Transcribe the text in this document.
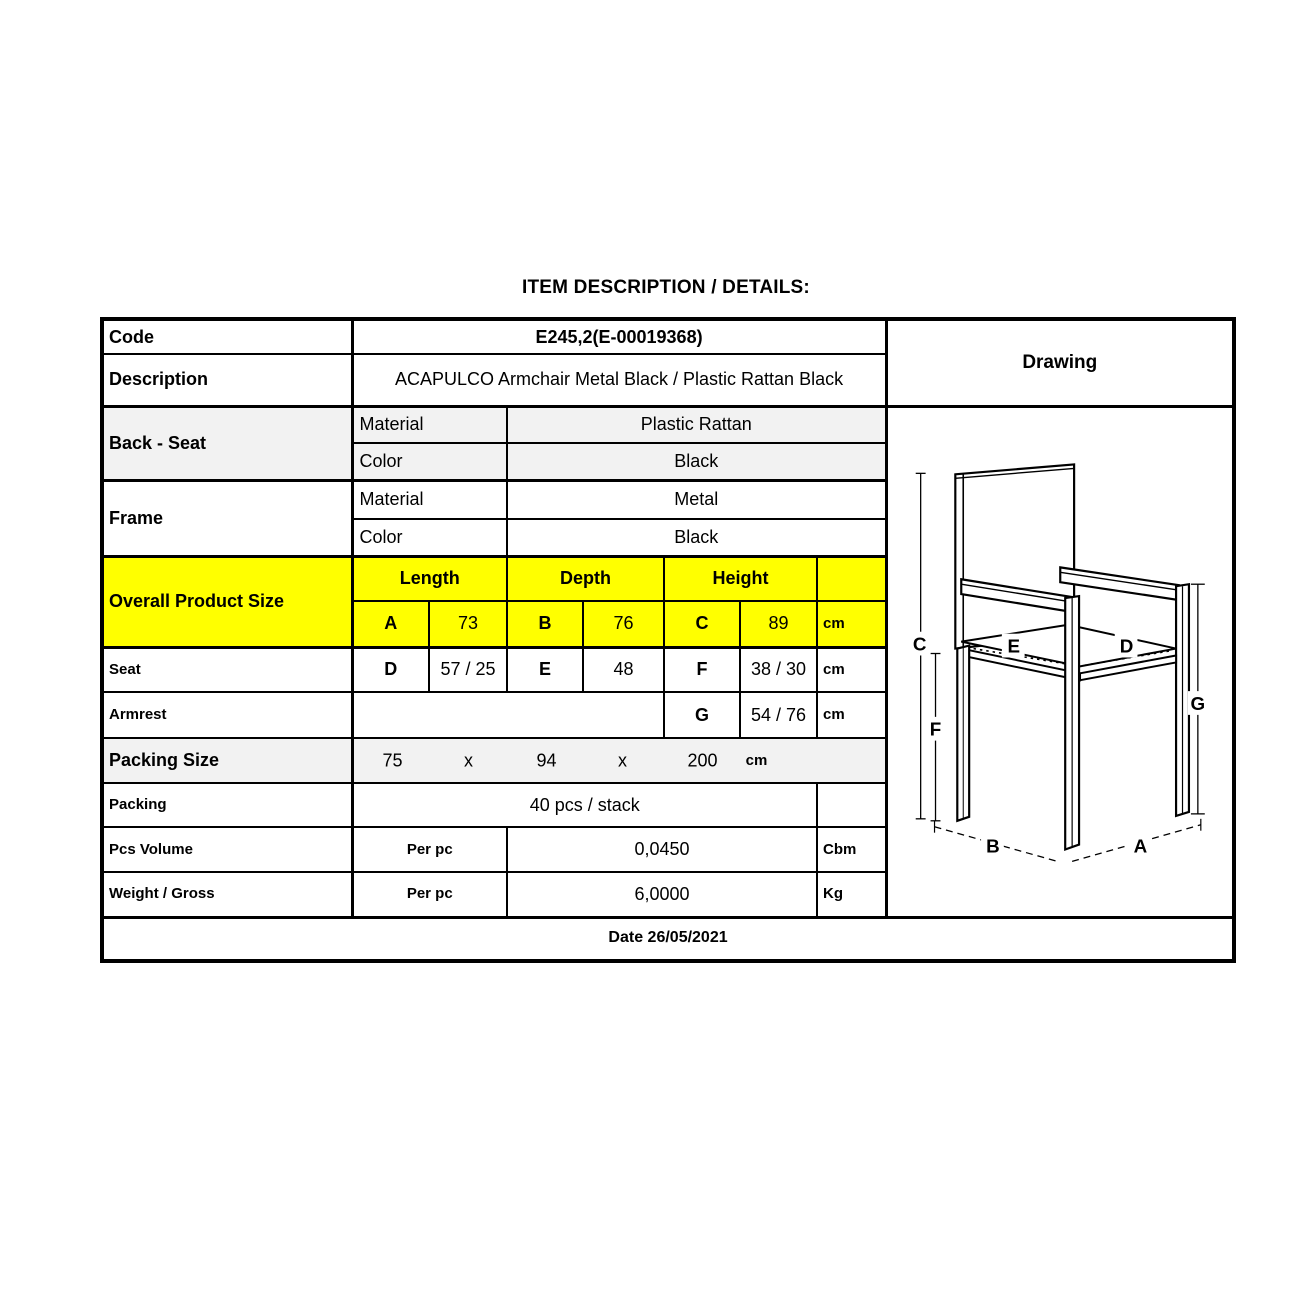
ITEM DESCRIPTION / DETAILS:
Code	E245,2(E-00019368)							Drawing
Description	ACAPULCO Armchair Metal Black / Plastic Rattan Black							
Back - Seat	Material	Plastic Rattan	
C
F
G
E	D
B	A

	Color		Black					
Frame	Material		Metal					
	Color		Black					
Overall Product Size	Length		Depth		Height			
	A	73	B	76	C	89	cm	
Seat	D	57 / 25	E	48	F	38 / 30	cm	
Armrest					G	54 / 76	cm	
Packing Size	75	x	94	x	200 cm

Packing	40 pcs / stack							
Pcs Volume	Per pc		0,0450				Cbm	
Weight / Gross	Per pc		6,0000				Kg	
Date 26/05/2021								
